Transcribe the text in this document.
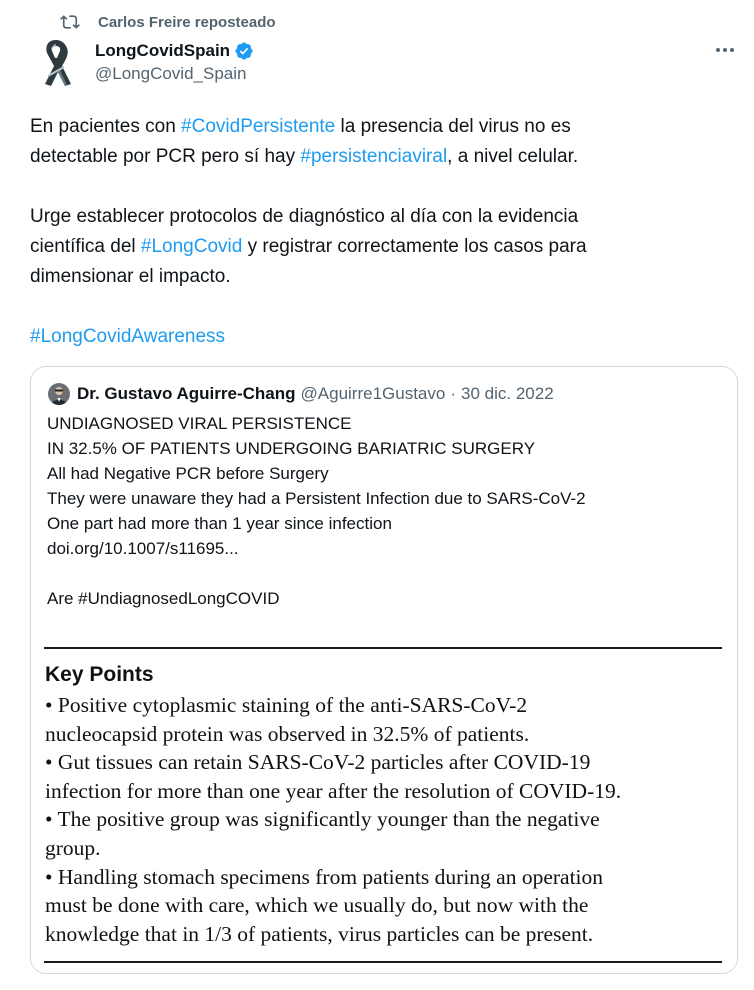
Carlos Freire reposteado
LongCovidSpain
@LongCovid_Spain

En pacientes con #CovidPersistente la presencia del virus no es
detectable por PCR pero sí hay #persistenciaviral, a nivel celular.

Urge establecer protocolos de diagnóstico al día con la evidencia
científica del #LongCovid y registrar correctamente los casos para
dimensionar el impacto.

#LongCovidAwareness

Dr. Gustavo Aguirre-Chang @Aguirre1Gustavo · 30 dic. 2022
UNDIAGNOSED VIRAL PERSISTENCE
IN 32.5% OF PATIENTS UNDERGOING BARIATRIC SURGERY
All had Negative PCR before Surgery
They were unaware they had a Persistent Infection due to SARS-CoV-2
One part had more than 1 year since infection
doi.org/10.1007/s11695...
Are #UndiagnosedLongCOVID
Key Points
• Positive cytoplasmic staining of the anti-SARS-CoV-2
nucleocapsid protein was observed in 32.5% of patients.
• Gut tissues can retain SARS-CoV-2 particles after COVID-19
infection for more than one year after the resolution of COVID-19.
• The positive group was significantly younger than the negative
group.
• Handling stomach specimens from patients during an operation
must be done with care, which we usually do, but now with the
knowledge that in 1/3 of patients, virus particles can be present.
